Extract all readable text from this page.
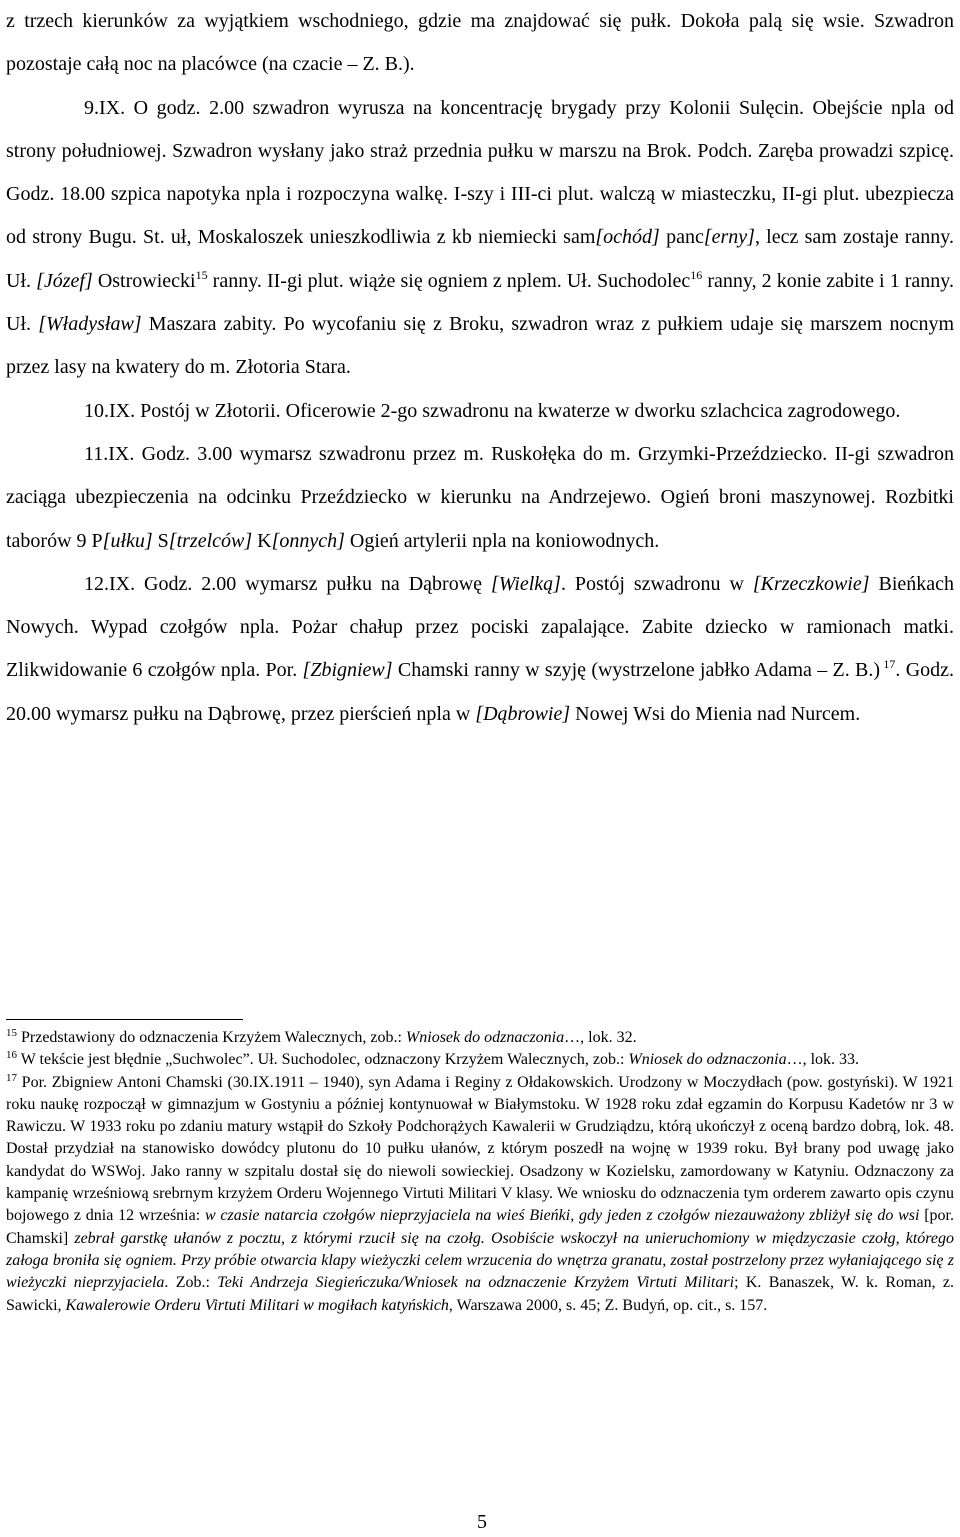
z trzech kierunków za wyjątkiem wschodniego, gdzie ma znajdować się pułk. Dokoła palą się wsie. Szwadron pozostaje całą noc na placówce (na czacie – Z. B.).

9.IX. O godz. 2.00 szwadron wyrusza na koncentrację brygady przy Kolonii Sulęcin. Obejście npla od strony południowej. Szwadron wysłany jako straż przednia pułku w marszu na Brok. Podch. Zaręba prowadzi szpicę. Godz. 18.00 szpica napotyka npla i rozpoczyna walkę. I-szy i III-ci plut. walczą w miasteczku, II-gi plut. ubezpiecza od strony Bugu. St. uł, Moskaloszek unieszkodliwia z kb niemiecki sam[ochód] panc[erny], lecz sam zostaje ranny. Uł. [Józef] Ostrowiecki$^{15}$ ranny. II-gi plut. wiąże się ogniem z nplem. Uł. Suchodolec$^{16}$ ranny, 2 konie zabite i 1 ranny. Uł. [Władysław] Maszara zabity. Po wycofaniu się z Broku, szwadron wraz z pułkiem udaje się marszem nocnym przez lasy na kwatery do m. Złotoria Stara.

10.IX. Postój w Złotorii. Oficerowie 2-go szwadronu na kwaterze w dworku szlachcica zagrodowego.

11.IX. Godz. 3.00 wymarsz szwadronu przez m. Ruskołęka do m. Grzymki-Przeździecko. II-gi szwadron zaciąga ubezpieczenia na odcinku Przeździecko w kierunku na Andrzejewo. Ogień broni maszynowej. Rozbitki taborów 9 P[ułku] S[trzelców] K[onnych] Ogień artylerii npla na koniowodnych.

12.IX. Godz. 2.00 wymarsz pułku na Dąbrowę [Wielką]. Postój szwadronu w [Krzeczkowie] Bieńkach Nowych. Wypad czołgów npla. Pożar chałup przez pociski zapalające. Zabite dziecko w ramionach matki. Zlikwidowanie 6 czołgów npla. Por. [Zbigniew] Chamski ranny w szyję (wystrzelone jabłko Adama – Z. B.) $^{17}$. Godz. 20.00 wymarsz pułku na Dąbrowę, przez pierścień npla w [Dąbrowie] Nowej Wsi do Mienia nad Nurcem.

$^{15}$ Przedstawiony do odznaczenia Krzyżem Walecznych, zob.: Wniosek do odznaczonia…, lok. 32.

$^{16}$ W tekście jest błędnie „Suchwolec”. Uł. Suchodolec, odznaczony Krzyżem Walecznych, zob.: Wniosek do odznaczonia…, lok. 33.

$^{17}$ Por. Zbigniew Antoni Chamski (30.IX.1911 – 1940), syn Adama i Reginy z Ołdakowskich. Urodzony w Moczydłach (pow. gostyński). W 1921 roku naukę rozpoczął w gimnazjum w Gostyniu a później kontynuował w Białymstoku. W 1928 roku zdał egzamin do Korpusu Kadetów nr 3 w Rawiczu. W 1933 roku po zdaniu matury wstąpił do Szkoły Podchorążych Kawalerii w Grudziądzu, którą ukończył z oceną bardzo dobrą, lok. 48. Dostał przydział na stanowisko dowódcy plutonu do 10 pułku ułanów, z którym poszedł na wojnę w 1939 roku. Był brany pod uwagę jako kandydat do WSWoj. Jako ranny w szpitalu dostał się do niewoli sowieckiej. Osadzony w Kozielsku, zamordowany w Katyniu. Odznaczony za kampanię wrześniową srebrnym krzyżem Orderu Wojennego Virtuti Militari V klasy. We wniosku do odznaczenia tym orderem zawarto opis czynu bojowego z dnia 12 września: w czasie natarcia czołgów nieprzyjaciela na wieś Bieńki, gdy jeden z czołgów niezauważony zbliżył się do wsi [por. Chamski] zebrał garstkę ułanów z pocztu, z którymi rzucił się na czołg. Osobiście wskoczył na unieruchomiony w międzyczasie czołg, którego załoga broniła się ogniem. Przy próbie otwarcia klapy wieżyczki celem wrzucenia do wnętrza granatu, został postrzelony przez wyłaniającego się z wieżyczki nieprzyjaciela. Zob.: Teki Andrzeja Siegieńczuka/Wniosek na odznaczenie Krzyżem Virtuti Militari; K. Banaszek, W. k. Roman, z. Sawicki, Kawalerowie Orderu Virtuti Militari w mogiłach katyńskich, Warszawa 2000, s. 45; Z. Budyń, op. cit., s. 157.

5
